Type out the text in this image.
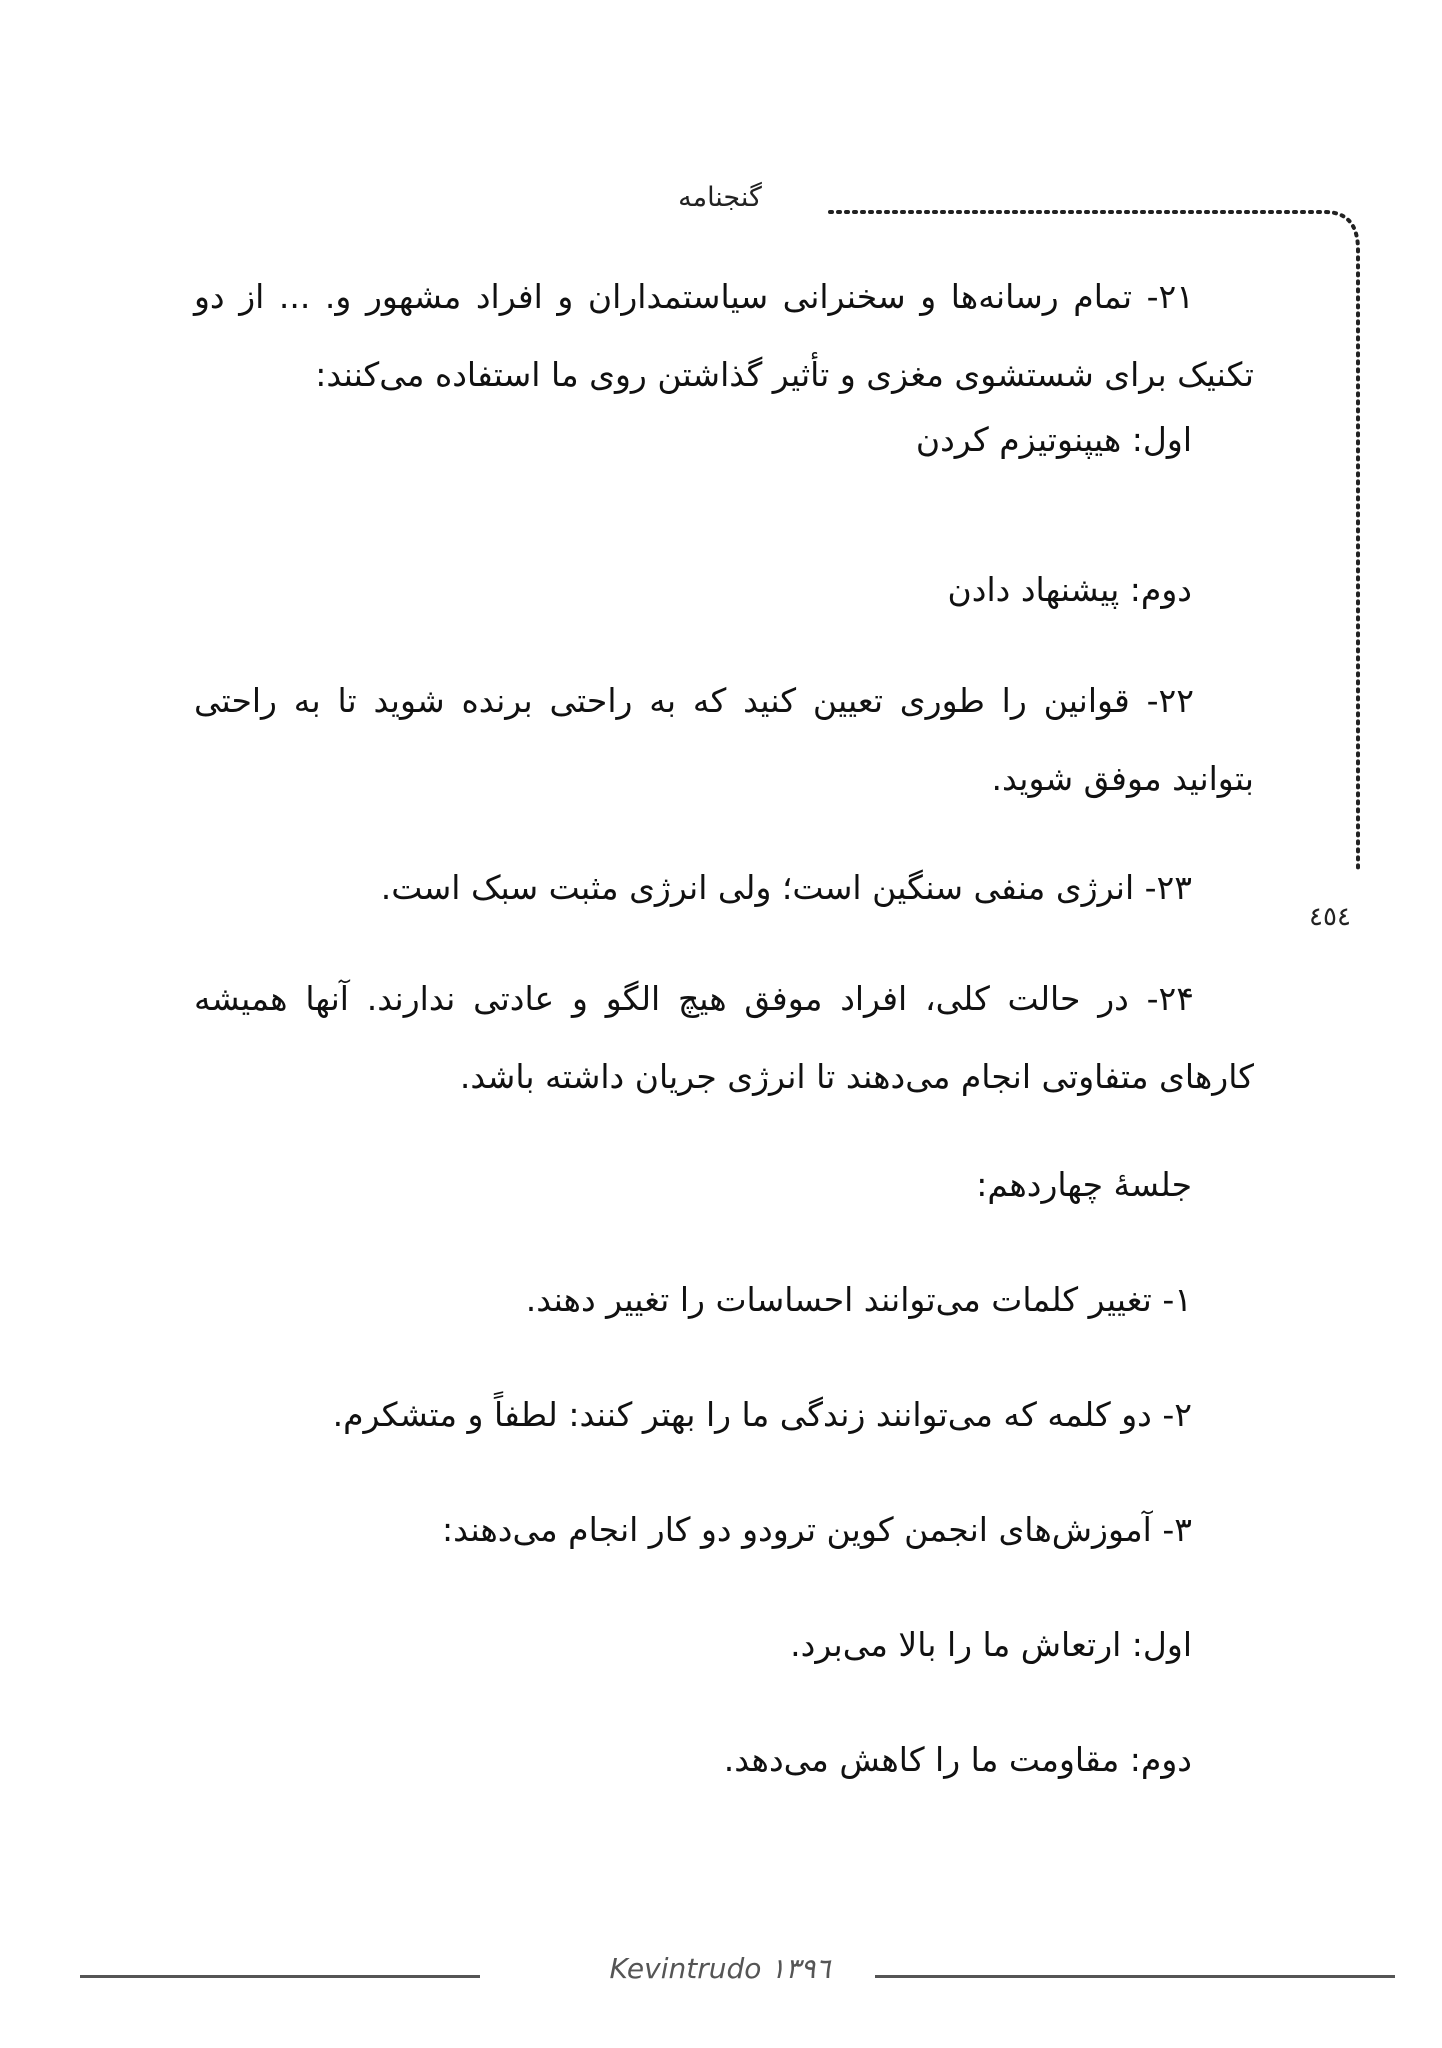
گنجنامه
٤٥٤
۲۱- تمام رسانه‌ها و سخنرانی سیاستمداران و افراد مشهور و. ... از دو تکنیک برای شستشوی مغزی و تأثیر گذاشتن روی ما استفاده می‌کنند:
اول: هیپنوتیزم کردن
دوم: پیشنهاد دادن
۲۲- قوانین را طوری تعیین کنید که به راحتی برنده شوید تا به راحتی بتوانید موفق شوید.
۲۳- انرژی منفی سنگین است؛ ولی انرژی مثبت سبک است.
۲۴- در حالت کلی، افراد موفق هیچ الگو و عادتی ندارند. آنها همیشه کارهای متفاوتی انجام می‌دهند تا انرژی جریان داشته باشد.
جلسهٔ چهاردهم:
۱- تغییر کلمات می‌توانند احساسات را تغییر دهند.
۲- دو کلمه که می‌توانند زندگی ما را بهتر کنند: لطفاً و متشکرم.
۳- آموزش‌های انجمن کوین ترودو دو کار انجام می‌دهند:
اول: ارتعاش ما را بالا می‌برد.
دوم: مقاومت ما را کاهش می‌دهد.
Kevintrudo ۱۳۹٦
